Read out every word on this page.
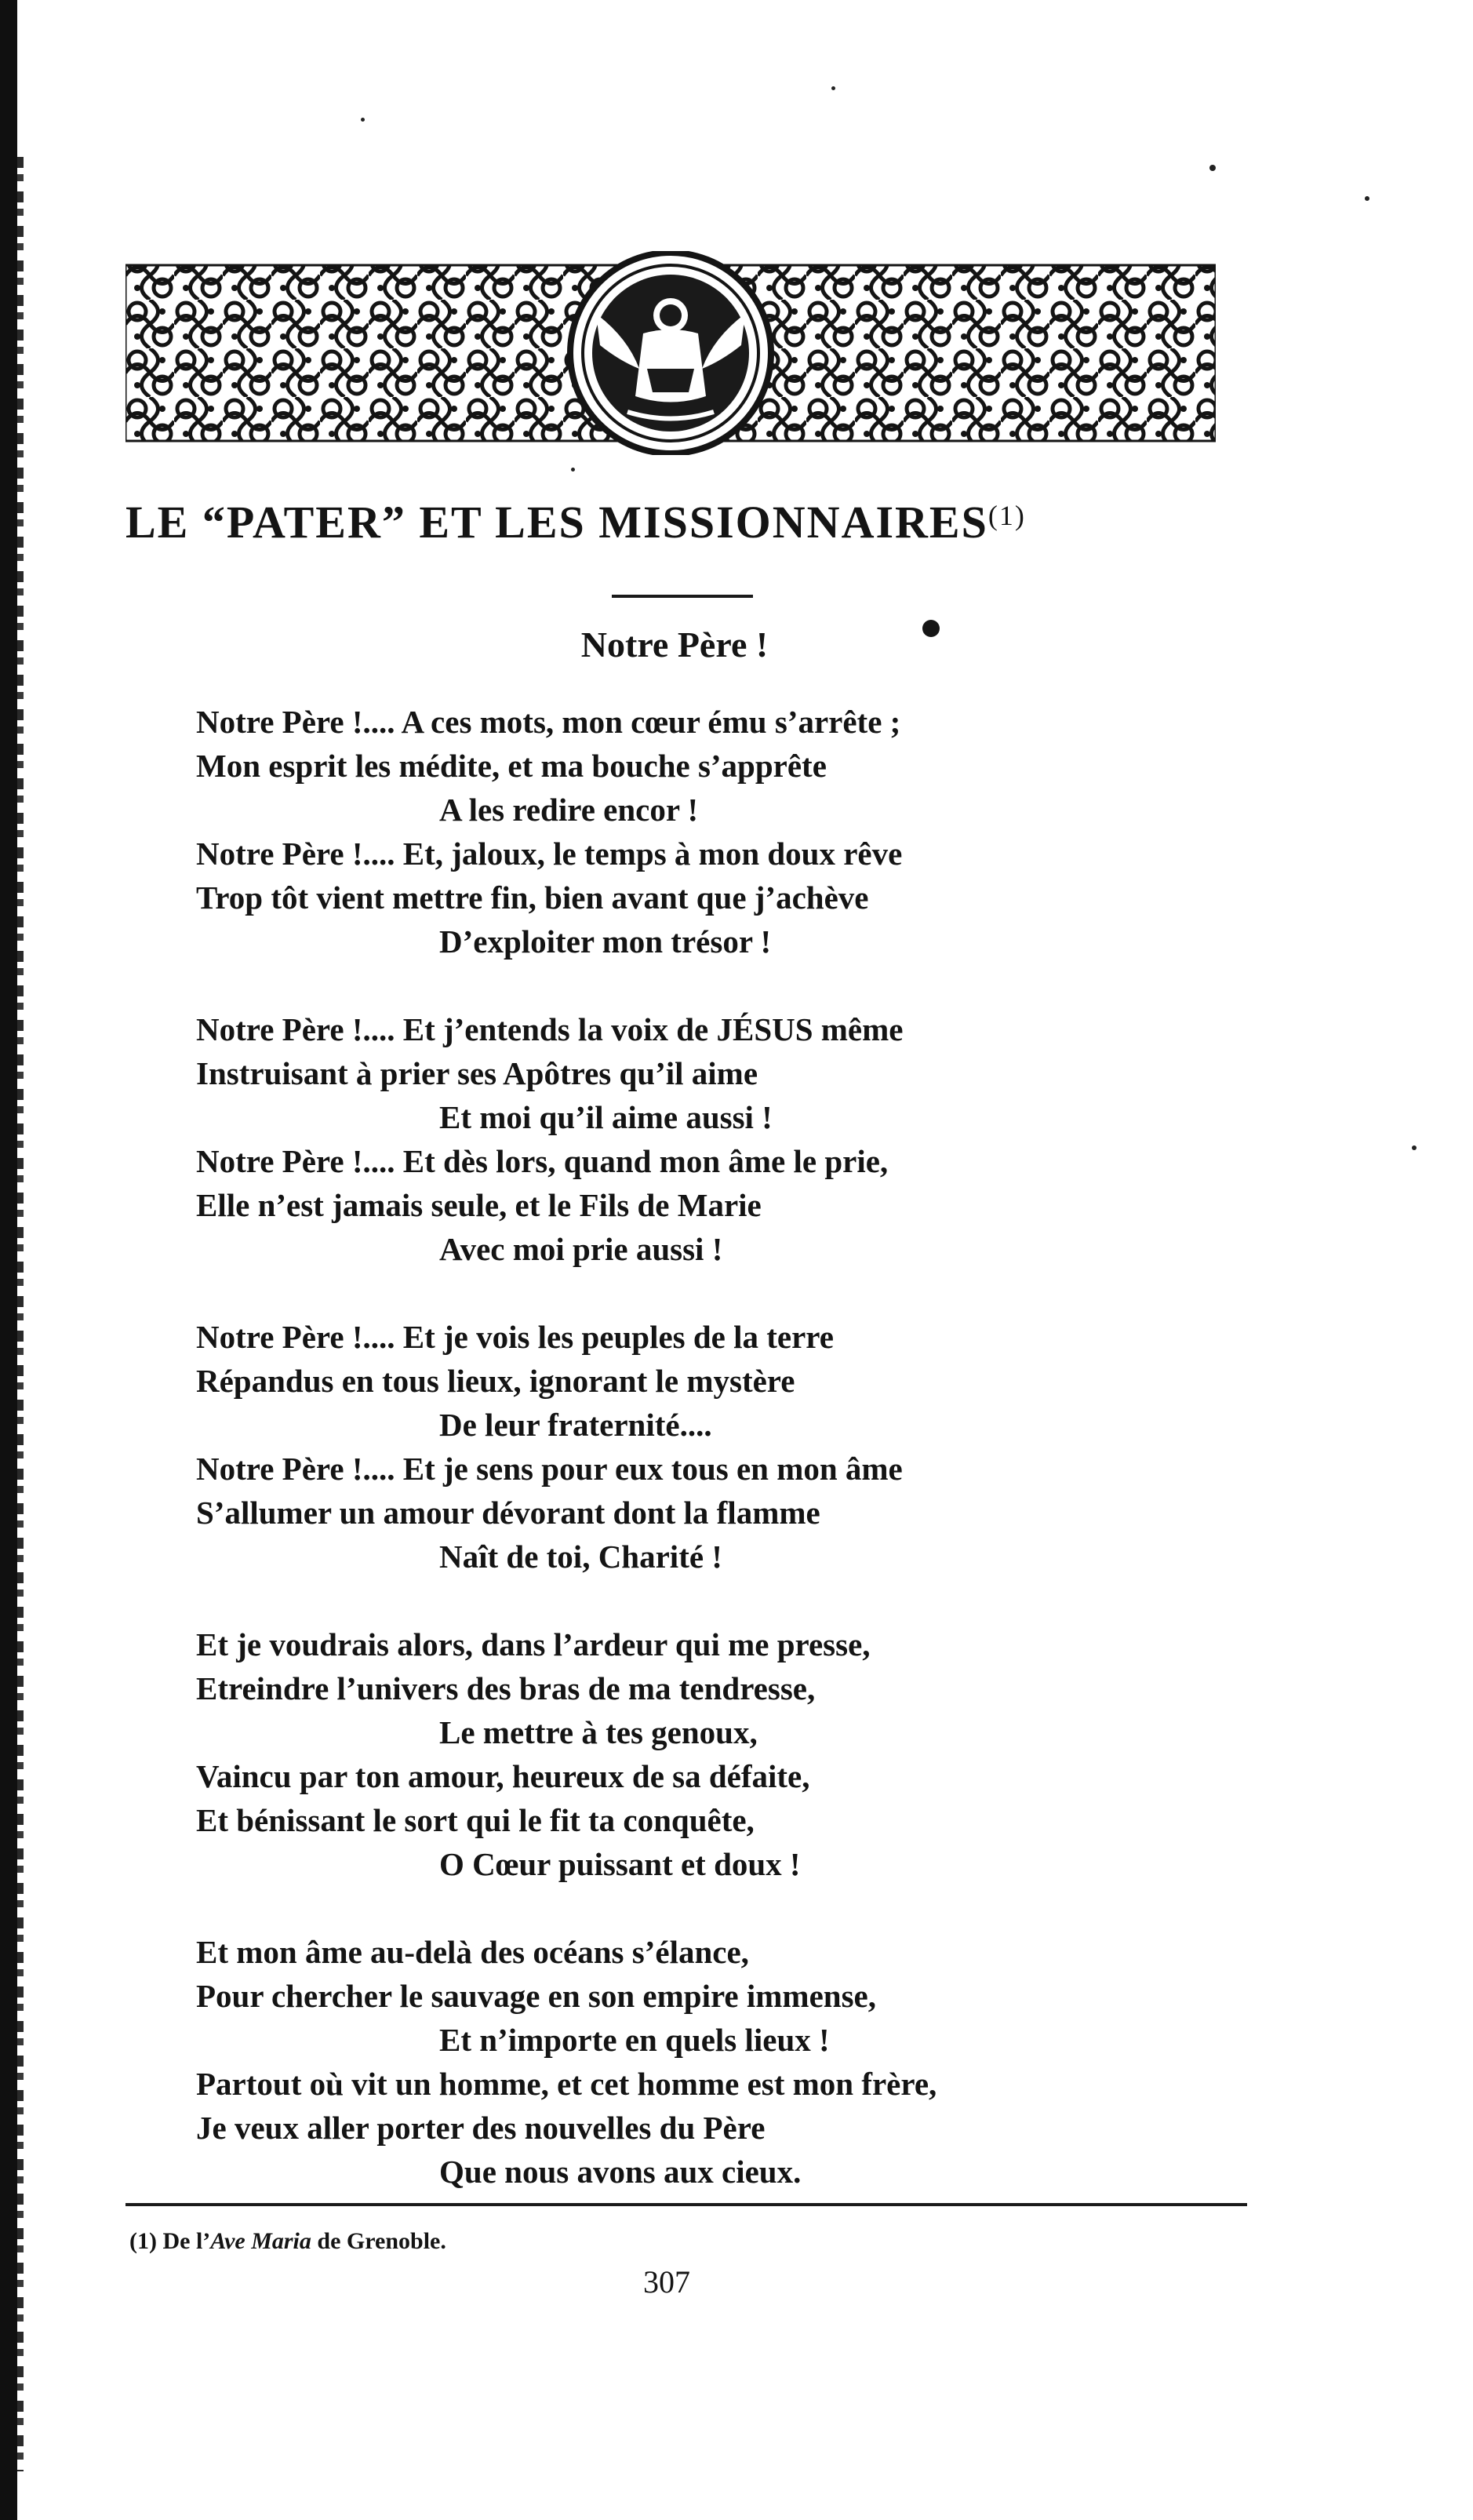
LE “PATER” ET LES MISSIONNAIRES$^{(1)}$
Notre Père !
Notre Père !.... A ces mots, mon cœur ému s’arrête ;
Mon esprit les médite, et ma bouche s’apprête
A les redire encor !
Notre Père !.... Et, jaloux, le temps à mon doux rêve
Trop tôt vient mettre fin, bien avant que j’achève
D’exploiter mon trésor !
Notre Père !.... Et j’entends la voix de JÉSUS même
Instruisant à prier ses Apôtres qu’il aime
Et moi qu’il aime aussi !
Notre Père !.... Et dès lors, quand mon âme le prie,
Elle n’est jamais seule, et le Fils de Marie
Avec moi prie aussi !
Notre Père !.... Et je vois les peuples de la terre
Répandus en tous lieux, ignorant le mystère
De leur fraternité....
Notre Père !.... Et je sens pour eux tous en mon âme
S’allumer un amour dévorant dont la flamme
Naît de toi, Charité !
Et je voudrais alors, dans l’ardeur qui me presse,
Etreindre l’univers des bras de ma tendresse,
Le mettre à tes genoux,
Vaincu par ton amour, heureux de sa défaite,
Et bénissant le sort qui le fit ta conquête,
O Cœur puissant et doux !
Et mon âme au-delà des océans s’élance,
Pour chercher le sauvage en son empire immense,
Et n’importe en quels lieux !
Partout où vit un homme, et cet homme est mon frère,
Je veux aller porter des nouvelles du Père
Que nous avons aux cieux.
(1) De l’Ave Maria de Grenoble.
307
